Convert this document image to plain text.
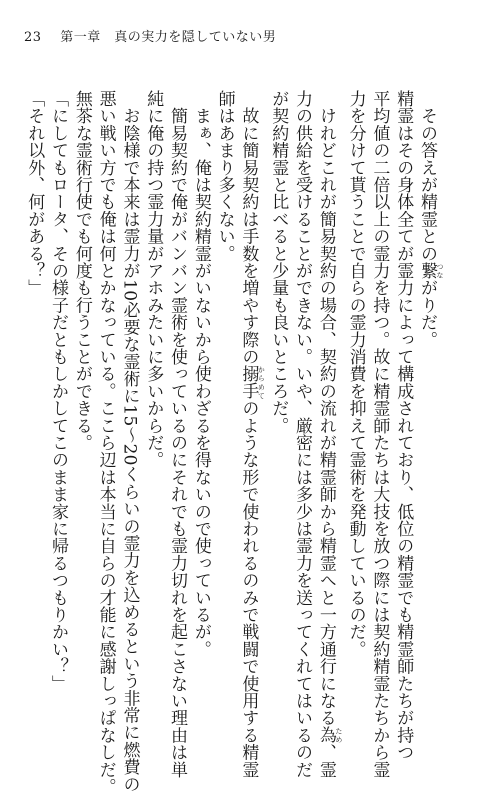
23 第一章　真の実力を隠していない男
　その答えが精霊との繋 つながりだ。
精霊はその身体全てが霊力によって構成されており、低位の精霊でも精霊師たちが持つ
平均値の二倍以上の霊力を持つ。故に精霊師たちは大技を放つ際には契約精霊たちから霊
力を分けて貰うことで自らの霊力消費を抑えて霊術を発動しているのだ。
　けれどこれが簡易契約の場合、契約の流れが精霊師から精霊へと一方通行になる為 ため、霊
力の供給を受けることができない。いや、厳密には多少は霊力を送ってくれてはいるのだ
が契約精霊と比べると少量も良いところだ。
　故に簡易契約は手数を増やす際の搦手 からめてのような形で使われるのみで戦闘で使用する精霊
師はあまり多くない。
　まぁ、俺は契約精霊がいないから使わざるを得ないので使っているが。
　簡易契約で俺がバンバン霊術を使っているのにそれでも霊力切れを起こさない理由は単
純に俺の持つ霊力量がアホみたいに多いからだ。
　お陰様で本来は霊力が10必要な霊術に15～20くらいの霊力を込めるという非常に燃費の
悪い戦い方でも俺は何とかなっている。ここら辺は本当に自らの才能に感謝しっぱなしだ。
無茶な霊術行使でも何度も行うことができる。
「にしてもロータ、その様子だともしかしてこのまま家に帰るつもりかい？」
「それ以外、何がある？」
